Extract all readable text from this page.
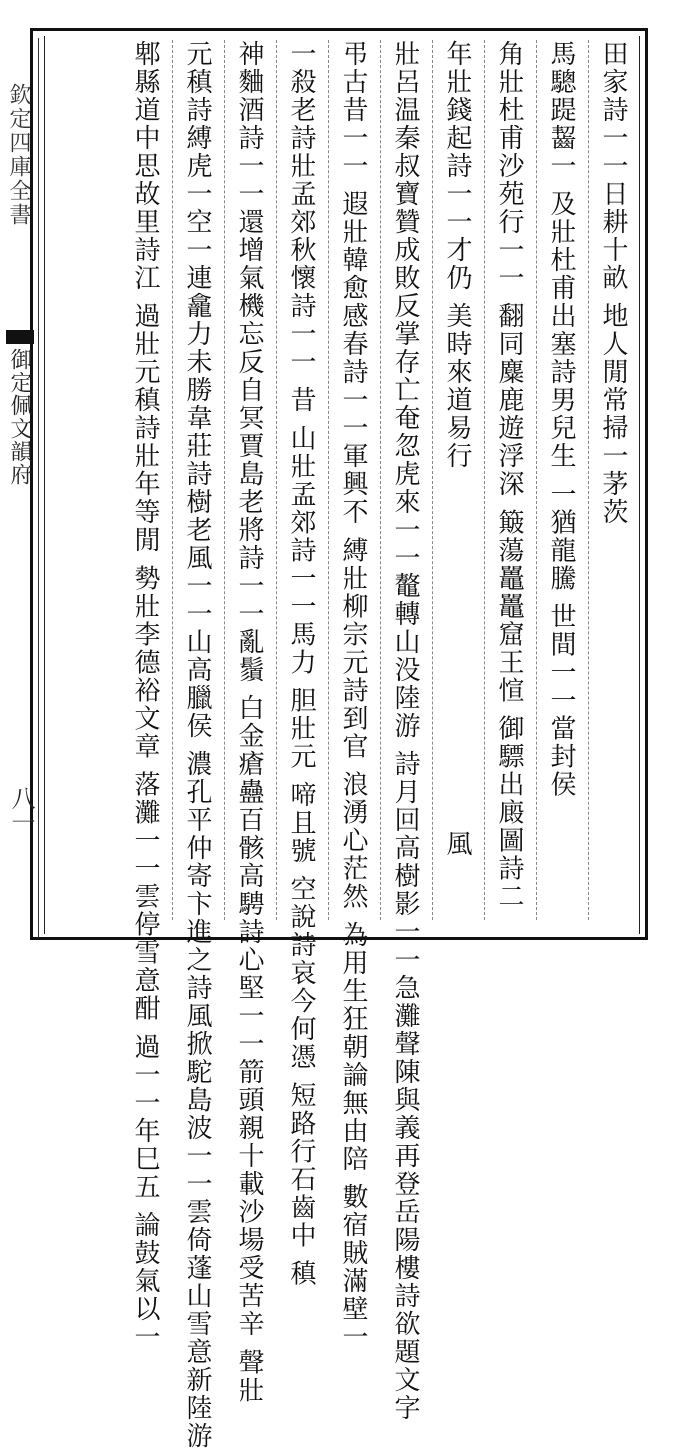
欽定四庫全書
御定佩文韻府
八一
田家詩一一日耕十畝 地人閒常掃一茅茨
馬驄踶齧一 及壯杜甫出塞詩男兒生 一猶龍騰 世間一一當封侯
角壯杜甫沙苑行一一 翻同麋鹿遊浮深 簸蕩鼉鼉窟王愃 御驃出廄圖詩二
年壯錢起詩一一才仍 美時來道易行
風
壯呂温秦叔寶贊成敗反掌存亡奄忽虎來一一鼇轉山没陸游 詩月回高樹影一一急灘聲陳與義再登岳陽樓詩欲題文字
弔古昔一一 遐壯韓愈感春詩一一軍興不 縛壯柳宗元詩到官 浪湧心茫然 為用生狂朝論無由陪 數宿賊滿壁一
一殺老詩壯孟郊秋懷詩一一 昔 山壯孟郊詩一一馬力 胆壯元 啼且號 空說詩哀今何憑 短路行石齒中 稹
神麯酒詩一一還增氣機忘反自冥賈島老將詩一一亂鬚 白金瘡蠱百骸高騁詩心堅一一箭頭親十載沙場受苦辛 聲壯
元稹詩縛虎一空一連龕力未勝韋莊詩樹老風一一山高臘侯 濃孔平仲寄卞進之詩風掀駝島波一一雲倚蓬山雪意新陸游
郫縣道中思故里詩江 過壯元稹詩壯年等閒 勢壯李德裕文章 落灘一一雲停雪意酣 過一一年巳五 論鼓氣以一
